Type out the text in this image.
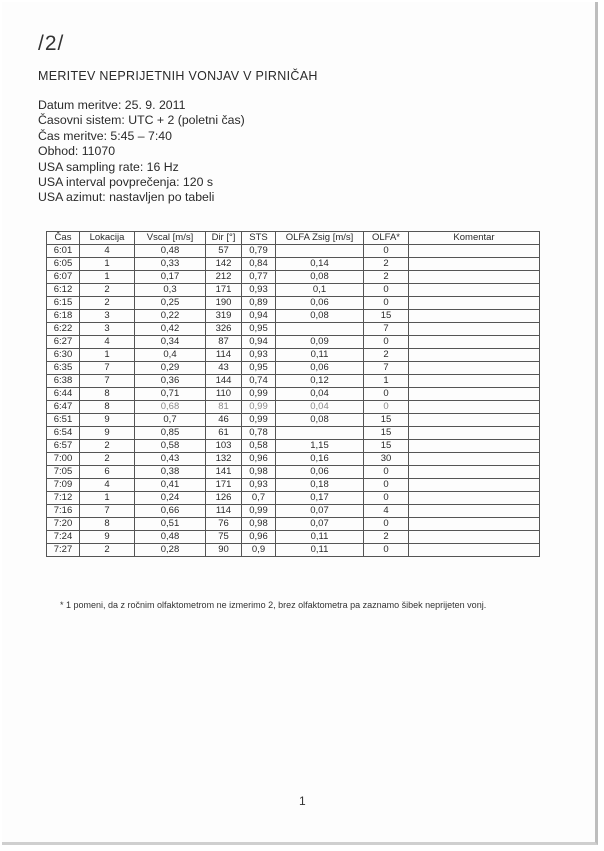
/2/
MERITEV NEPRIJETNIH VONJAV V PIRNIČAH
Datum meritve: 25. 9. 2011
Časovni sistem: UTC + 2 (poletni čas)
Čas meritve: 5:45 – 7:40
Obhod: 11070
USA sampling rate: 16 Hz
USA interval povprečenja: 120 s
USA azimut: nastavljen po tabeli
Čas	Lokacija	Vscal [m/s]	Dir [°]	STS	OLFA Zsig [m/s]	OLFA*	Komentar
6:01	4	0,48	57	0,79		0	
6:05	1	0,33	142	0,84	0,14	2	
6:07	1	0,17	212	0,77	0,08	2	
6:12	2	0,3	171	0,93	0,1	0	
6:15	2	0,25	190	0,89	0,06	0	
6:18	3	0,22	319	0,94	0,08	15	
6:22	3	0,42	326	0,95		7	
6:27	4	0,34	87	0,94	0,09	0	
6:30	1	0,4	114	0,93	0,11	2	
6:35	7	0,29	43	0,95	0,06	7	
6:38	7	0,36	144	0,74	0,12	1	
6:44	8	0,71	110	0,99	0,04	0	
6:47	8	0,68	81	0,99	0,04	0	
6:51	9	0,7	46	0,99	0,08	15	
6:54	9	0,85	61	0,78		15	
6:57	2	0,58	103	0,58	1,15	15	
7:00	2	0,43	132	0,96	0,16	30	
7:05	6	0,38	141	0,98	0,06	0	
7:09	4	0,41	171	0,93	0,18	0	
7:12	1	0,24	126	0,7	0,17	0	
7:16	7	0,66	114	0,99	0,07	4	
7:20	8	0,51	76	0,98	0,07	0	
7:24	9	0,48	75	0,96	0,11	2	
7:27	2	0,28	90	0,9	0,11	0	
* 1 pomeni, da z ročnim olfaktometrom ne izmerimo 2, brez olfaktometra pa zaznamo šibek neprijeten vonj.
1
